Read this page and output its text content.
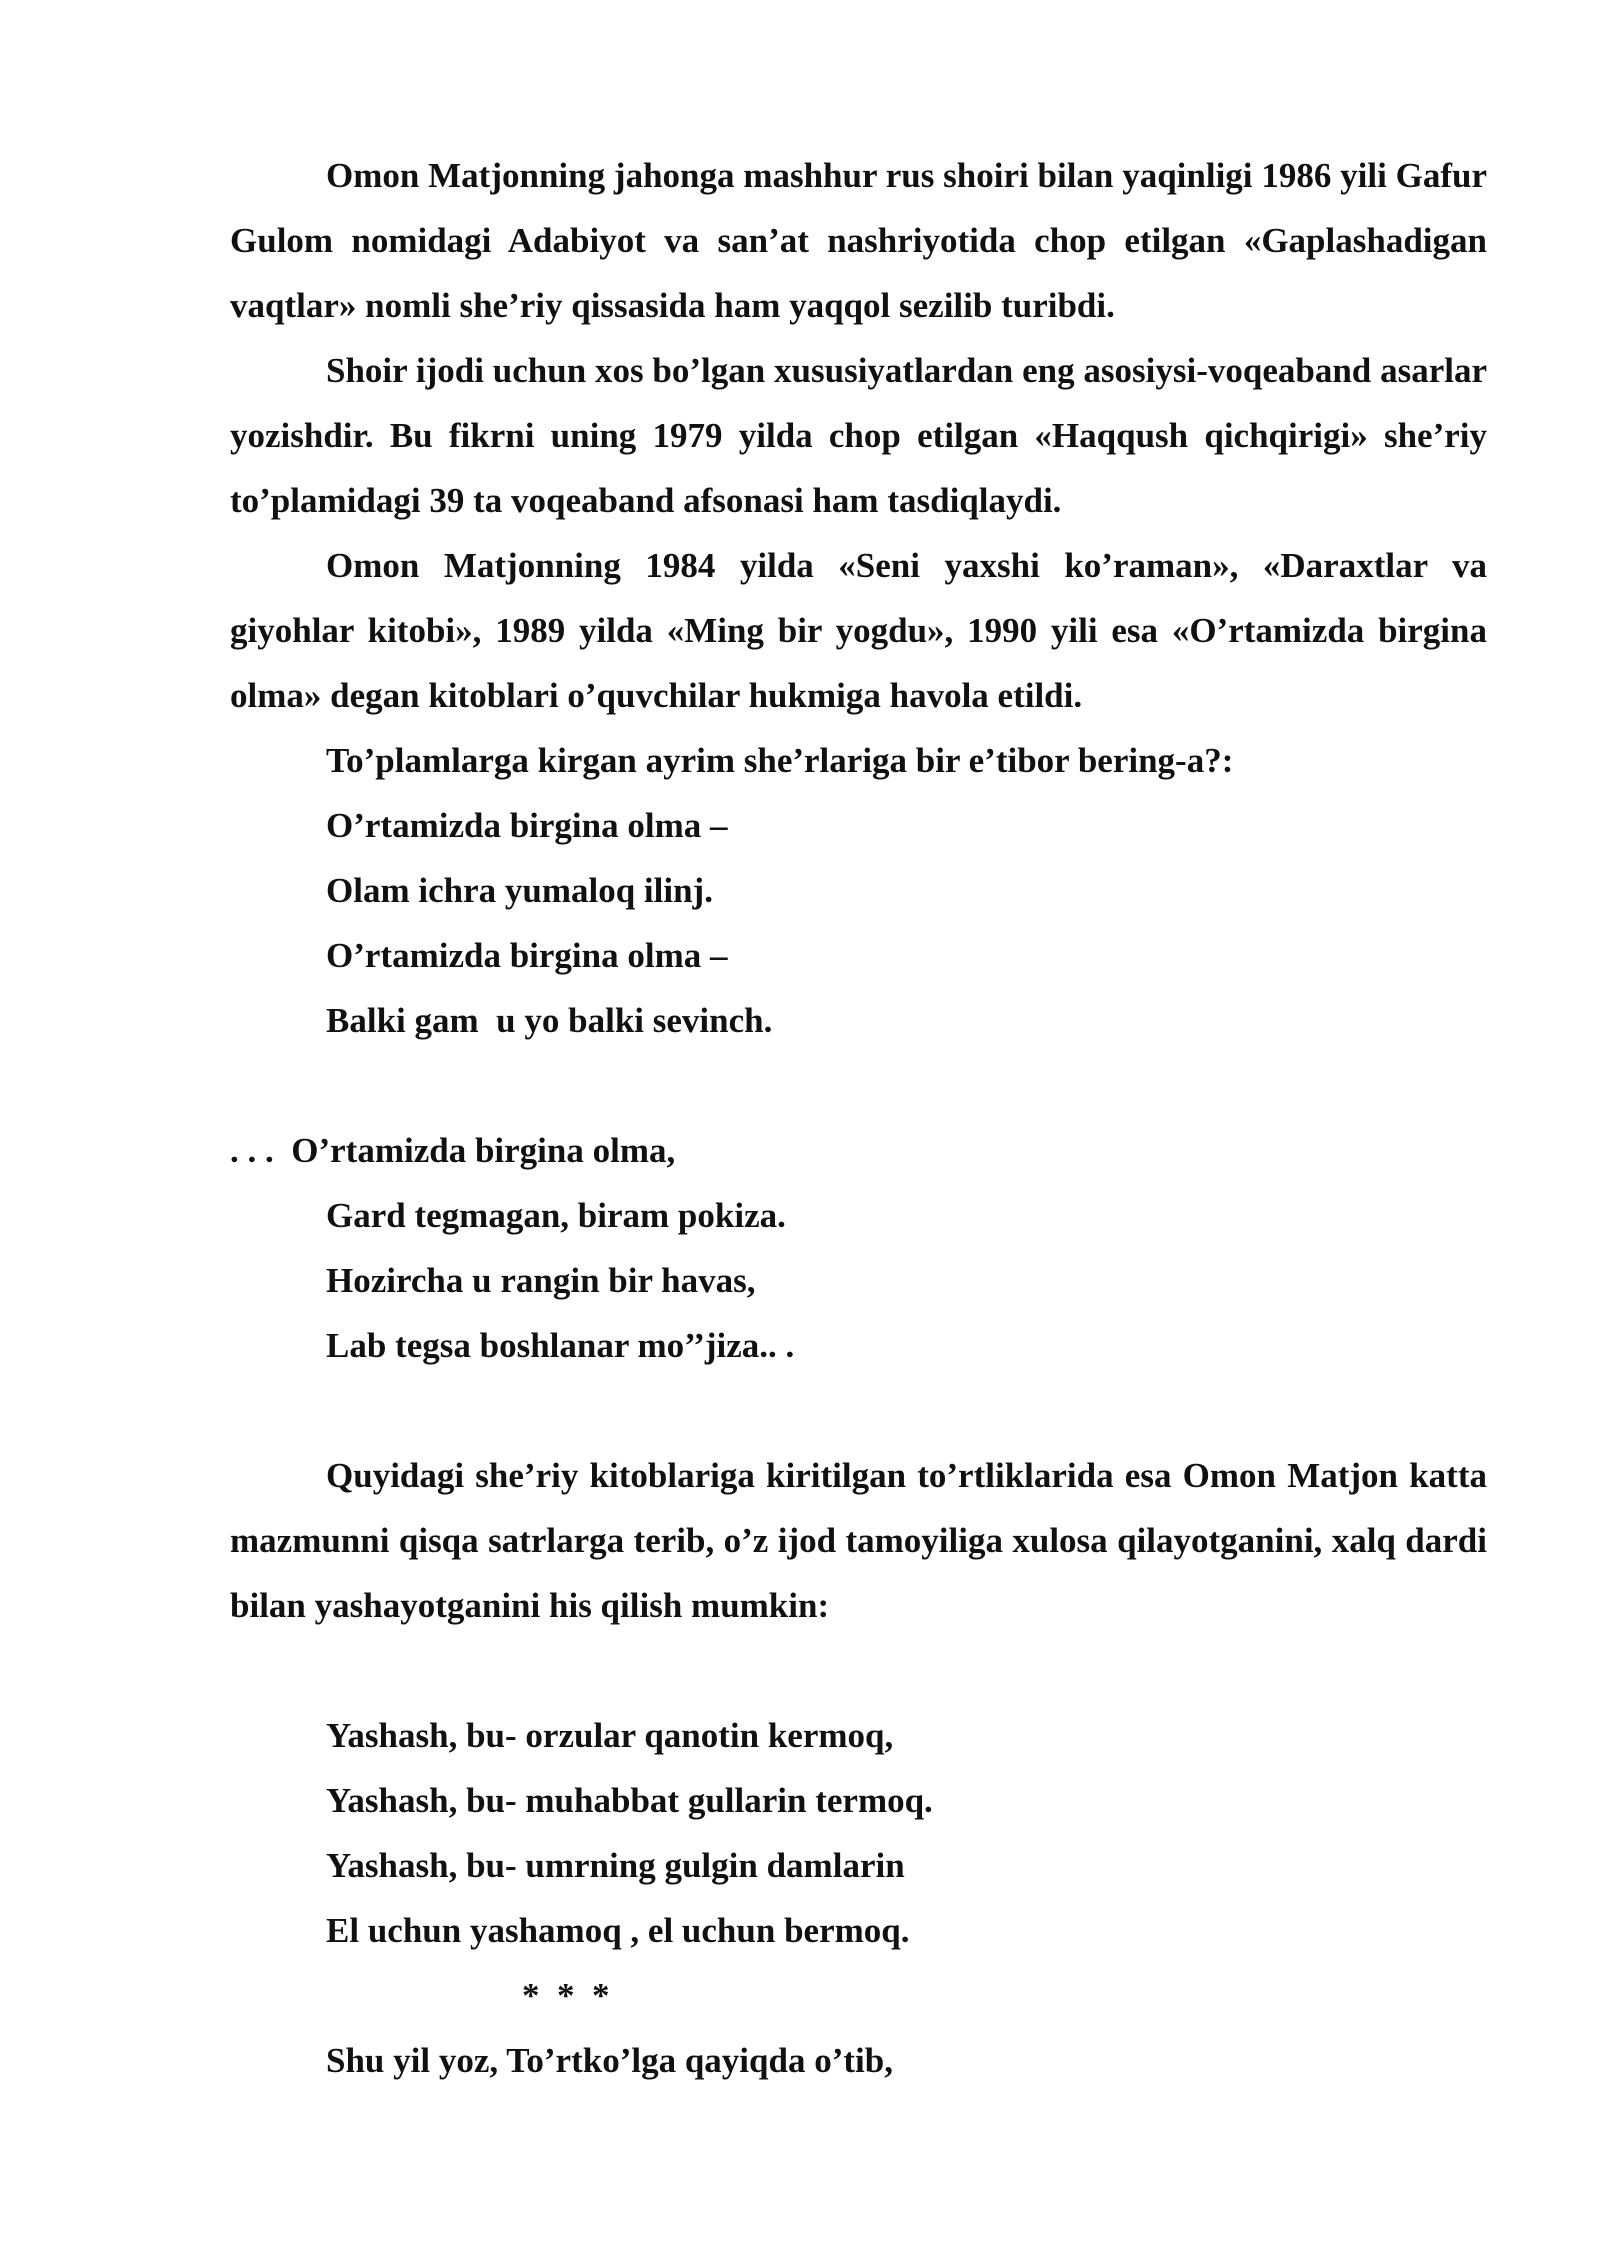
Omon Matjonning jahonga mashhur rus shoiri bilan yaqinligi 1986 yili Gafur Gulom nomidagi Adabiyot va san’at nashriyotida chop etilgan «Gaplashadigan vaqtlar» nomli she’riy qissasida ham yaqqol sezilib turibdi.

Shoir ijodi uchun xos bo’lgan xususiyatlardan eng asosiysi-voqeaband asarlar yozishdir. Bu fikrni uning 1979 yilda chop etilgan «Haqqush qichqirigi» she’riy to’plamidagi 39 ta voqeaband afsonasi ham tasdiqlaydi.

Omon Matjonning 1984 yilda «Seni yaxshi ko’raman», «Daraxtlar va giyohlar kitobi», 1989 yilda «Ming bir yogdu», 1990 yili esa «O’rtamizda birgina olma» degan kitoblari o’quvchilar hukmiga havola etildi.

To’plamlarga kirgan ayrim she’rlariga bir e’tibor bering-a?:

O’rtamizda birgina olma –

Olam ichra yumaloq ilinj.

O’rtamizda birgina olma –

Balki gam  u yo balki sevinch.

. . .  O’rtamizda birgina olma,

Gard tegmagan, biram pokiza.

Hozircha u rangin bir havas,

Lab tegsa boshlanar mo’’jiza.. .

Quyidagi she’riy kitoblariga kiritilgan to’rtliklarida esa Omon Matjon katta mazmunni qisqa satrlarga terib, o’z ijod tamoyiliga xulosa qilayotganini, xalq dardi bilan yashayotganini his qilish mumkin:

Yashash, bu- orzular qanotin kermoq,

Yashash, bu- muhabbat gullarin termoq.

Yashash, bu- umrning gulgin damlarin

El uchun yashamoq , el uchun bermoq.

*  *  *

Shu yil yoz, To’rtko’lga qayiqda o’tib,
